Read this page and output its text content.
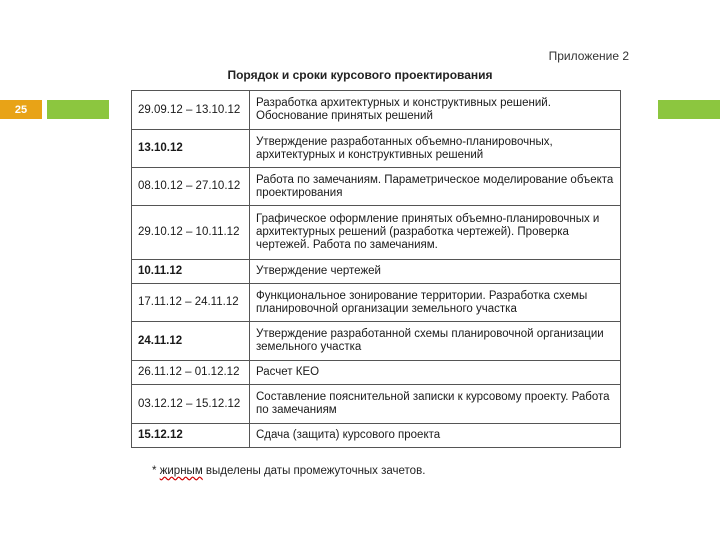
25
Приложение 2
Порядок и сроки курсового проектирования
29.09.12 – 13.10.12	Разработка архитектурных и конструктивных решений. Обоснование принятых решений
13.10.12	Утверждение разработанных объемно-планировочных, архитектурных и конструктивных решений
08.10.12 – 27.10.12	Работа по замечаниям. Параметрическое моделирование объекта проектирования
29.10.12 – 10.11.12	Графическое оформление принятых объемно-планировочных и архитектурных решений (разработка чертежей). Проверка чертежей. Работа по замечаниям.
10.11.12	Утверждение чертежей
17.11.12 – 24.11.12	Функциональное зонирование территории. Разработка схемы планировочной организации земельного участка
24.11.12	Утверждение разработанной схемы планировочной организации земельного участка
26.11.12 – 01.12.12	Расчет КЕО
03.12.12 – 15.12.12	Составление пояснительной записки к курсовому проекту. Работа по замечаниям
15.12.12	Сдача (защита) курсового проекта
* жирным выделены даты промежуточных зачетов.
